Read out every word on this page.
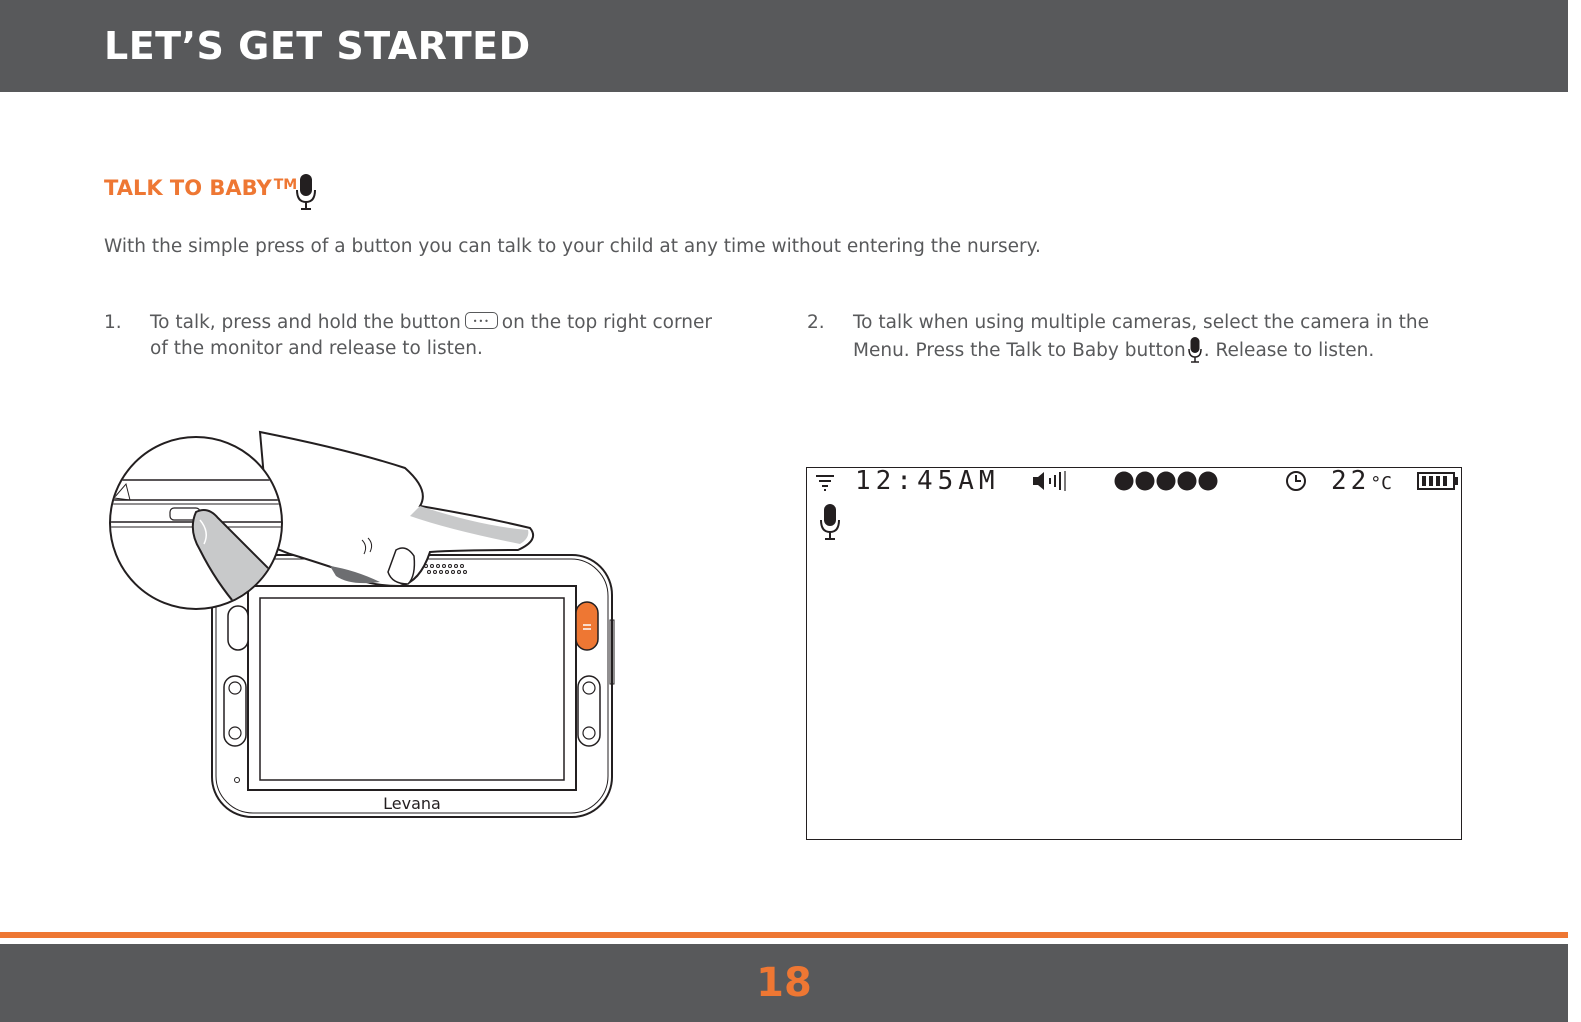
LET’S GET STARTED
TALK TO BABY ™
With the simple press of a button you can talk to your child at any time without entering the nursery.
1. To talk, press and hold the button••• on the top right corner
of the monitor and release to listen.
2. To talk when using multiple cameras, select the camera in the
Menu. Press the Talk to Baby button . Release to listen.
Levana
12:45AM	22°C
18
